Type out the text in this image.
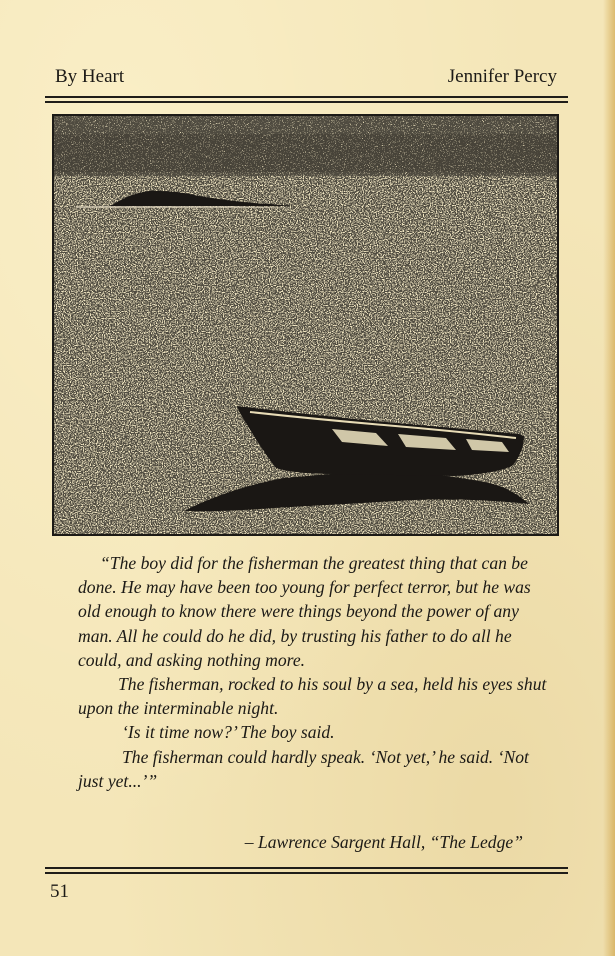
By Heart	Jennifer Percy

“The boy did for the fisherman the greatest thing that can be done. He may have been too young for perfect terror, but he was old enough to know there were things beyond the power of any man. All he could do he did, by trusting his father to do all he could, and asking nothing more.

The fisherman, rocked to his soul by a sea, held his eyes shut upon the interminable night.

‘Is it time now?’ The boy said.

The fisherman could hardly speak. ‘Not yet,’ he said. ‘Not just yet...’”

– Lawrence Sargent Hall, “The Ledge”
51
